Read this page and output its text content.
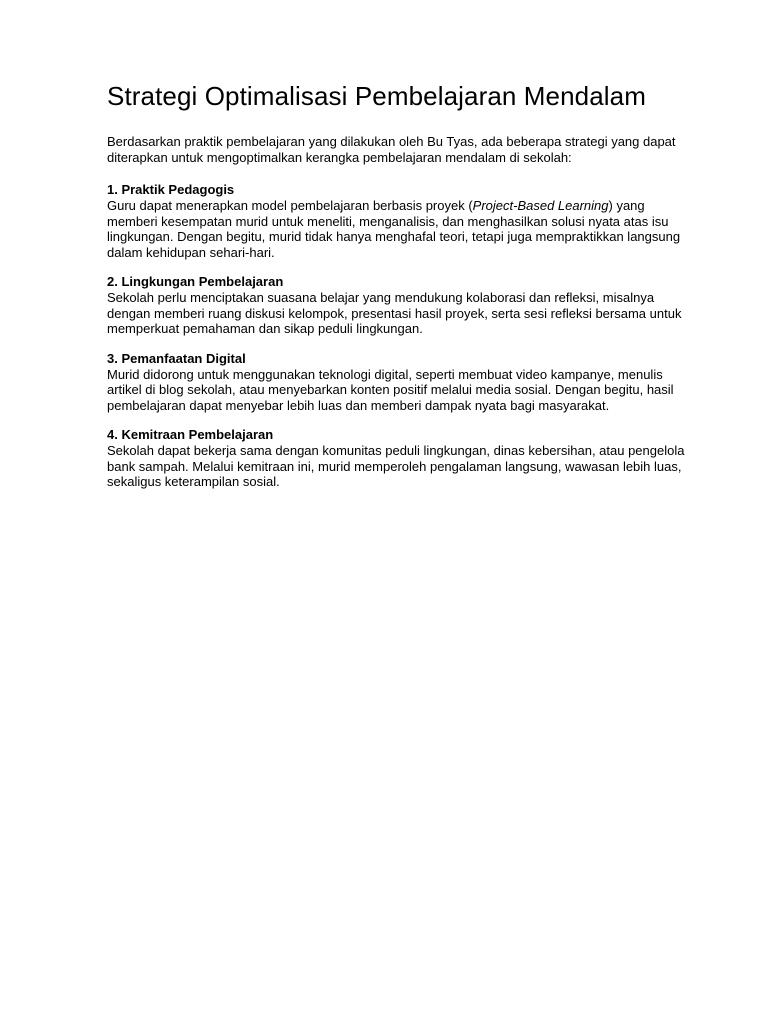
Strategi Optimalisasi Pembelajaran Mendalam

Berdasarkan praktik pembelajaran yang dilakukan oleh Bu Tyas, ada beberapa strategi yang dapat diterapkan untuk mengoptimalkan kerangka pembelajaran mendalam di sekolah:

1. Praktik Pedagogis

Guru dapat menerapkan model pembelajaran berbasis proyek (Project-Based Learning) yang memberi kesempatan murid untuk meneliti, menganalisis, dan menghasilkan solusi nyata atas isu lingkungan. Dengan begitu, murid tidak hanya menghafal teori, tetapi juga mempraktikkan langsung dalam kehidupan sehari-hari.

2. Lingkungan Pembelajaran

Sekolah perlu menciptakan suasana belajar yang mendukung kolaborasi dan refleksi, misalnya dengan memberi ruang diskusi kelompok, presentasi hasil proyek, serta sesi refleksi bersama untuk memperkuat pemahaman dan sikap peduli lingkungan.

3. Pemanfaatan Digital

Murid didorong untuk menggunakan teknologi digital, seperti membuat video kampanye, menulis artikel di blog sekolah, atau menyebarkan konten positif melalui media sosial. Dengan begitu, hasil pembelajaran dapat menyebar lebih luas dan memberi dampak nyata bagi masyarakat.

4. Kemitraan Pembelajaran

Sekolah dapat bekerja sama dengan komunitas peduli lingkungan, dinas kebersihan, atau pengelola bank sampah. Melalui kemitraan ini, murid memperoleh pengalaman langsung, wawasan lebih luas, sekaligus keterampilan sosial.
